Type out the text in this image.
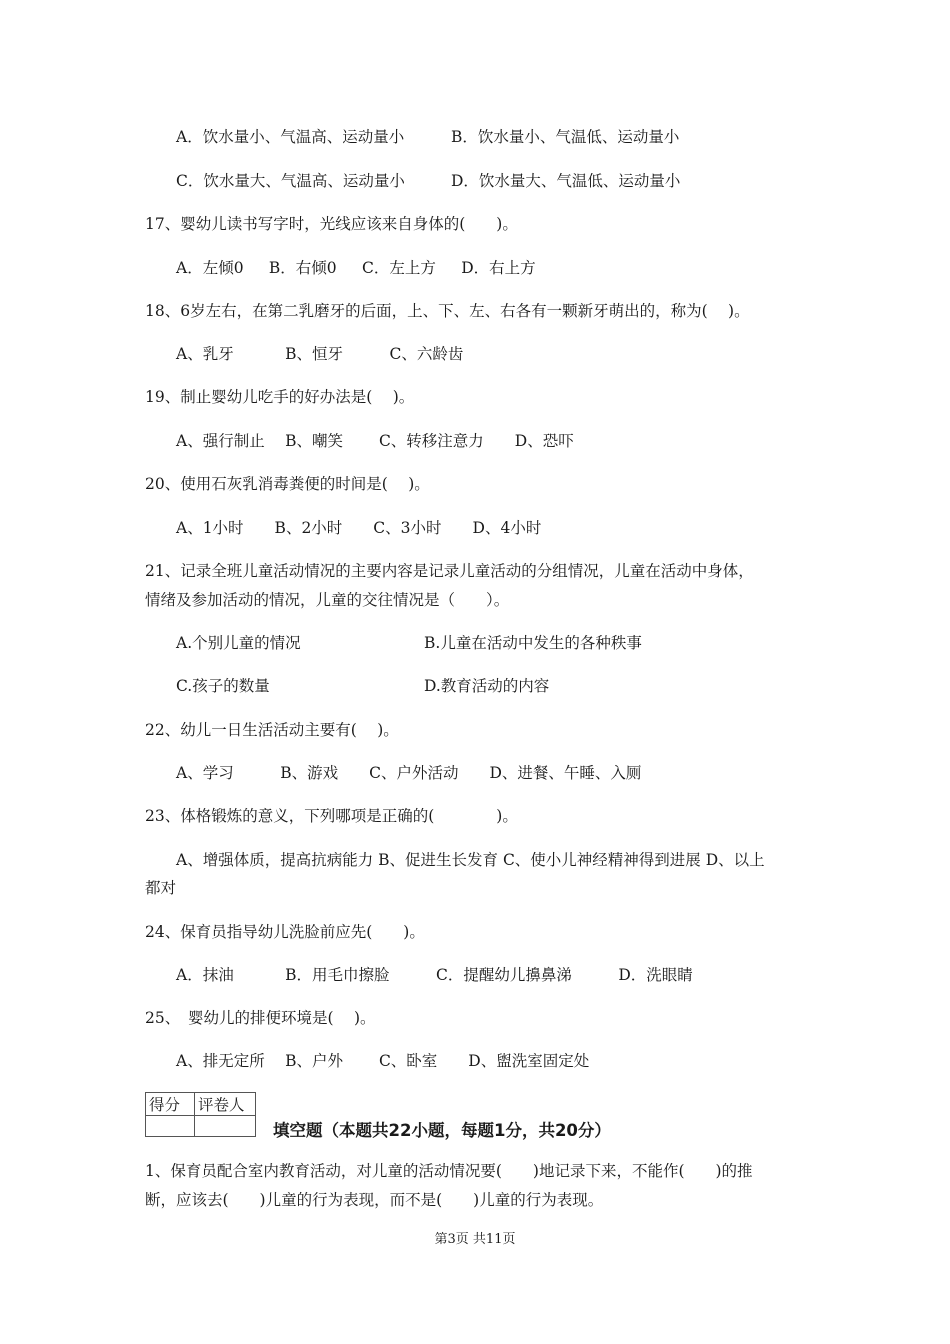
A．饮水量小、气温高、运动量小	B．饮水量小、气温低、运动量小
C．饮水量大、气温高、运动量小	D．饮水量大、气温低、运动量小
17、婴幼儿读书写字时，光线应该来自身体的(　　)。
A．左倾0　  B．右倾0　  C．左上方　  D．右上方
18、6岁左右，在第二乳磨牙的后面，上、下、左、右各有一颗新牙萌出的，称为(　 )。
A、乳牙　　　 B、恒牙　　　C、六龄齿
19、制止婴幼儿吃手的好办法是(　 )。
A、强行制止　 B、嘲笑　　 C、转移注意力　　D、恐吓
20、使用石灰乳消毒粪便的时间是(　 )。
A、1小时　　B、2小时　　C、3小时　　D、4小时
21、记录全班儿童活动情况的主要内容是记录儿童活动的分组情况，儿童在活动中身体，
情绪及参加活动的情况，儿童的交往情况是（　　）。
A.个别儿童的情况	B.儿童在活动中发生的各种秩事
C.孩子的数量	D.教育活动的内容
22、幼儿一日生活活动主要有(　 )。
A、学习　　　B、游戏　　C、户外活动　　D、进餐、午睡、入厕
23、体格锻炼的意义，下列哪项是正确的(　　　　)。
A、增强体质，提高抗病能力 B、促进生长发育 C、使小儿神经精神得到进展 D、以上
都对
24、保育员指导幼儿洗脸前应先(　　)。
A．抹油　　　 B．用毛巾擦脸　　　C．提醒幼儿擤鼻涕　　　D．洗眼睛
25、　婴幼儿的排便环境是(　 )。
A、排无定所　 B、户外　　 C、卧室　　D、盥洗室固定处
得分	评卷人

填空题（本题共22小题，每题1分，共20分）
1、保育员配合室内教育活动，对儿童的活动情况要(　　)地记录下来，不能作(　　)的推
断，应该去(　　)儿童的行为表现，而不是(　　)儿童的行为表现。
第3页 共11页
